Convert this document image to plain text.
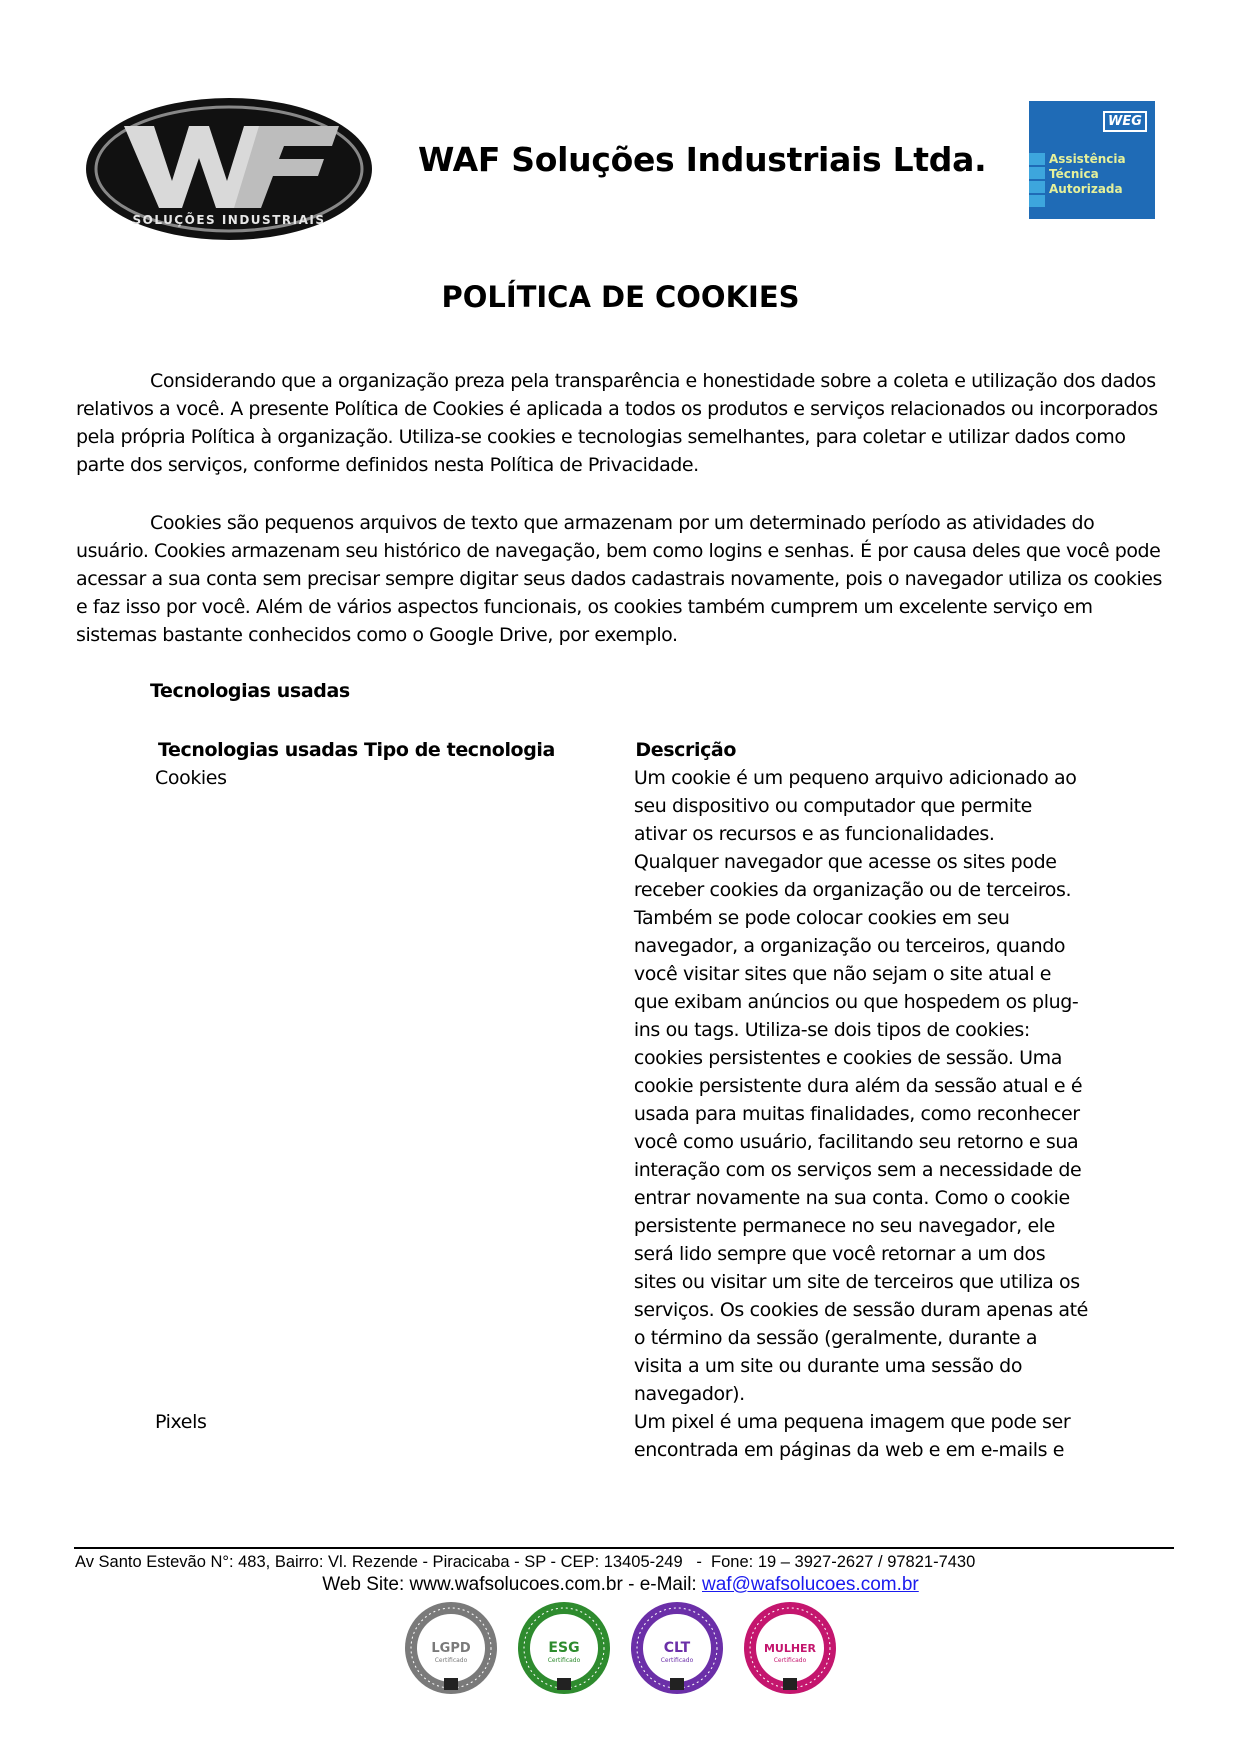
SOLUÇÕES INDUSTRIAIS
WAF Soluções Industriais Ltda.
WEG
Assistência
Técnica
Autorizada
POLÍTICA DE COOKIES
Considerando que a organização preza pela transparência e honestidade sobre a coleta e utilização dos dados relativos a você. A presente Política de Cookies é aplicada a todos os produtos e serviços relacionados ou incorporados pela própria Política à organização. Utiliza-se cookies e tecnologias semelhantes, para coletar e utilizar dados como parte dos serviços, conforme definidos nesta Política de Privacidade.
Cookies são pequenos arquivos de texto que armazenam por um determinado período as atividades do usuário. Cookies armazenam seu histórico de navegação, bem como logins e senhas. É por causa deles que você pode acessar a sua conta sem precisar sempre digitar seus dados cadastrais novamente, pois o navegador utiliza os cookies e faz isso por você. Além de vários aspectos funcionais, os cookies também cumprem um excelente serviço em sistemas bastante conhecidos como o Google Drive, por exemplo.
Tecnologias usadas
Tecnologias usadas Tipo de tecnologia	Descrição
Cookies	Um cookie é um pequeno arquivo adicionado ao
seu dispositivo ou computador que permite
ativar os recursos e as funcionalidades.
Qualquer navegador que acesse os sites pode
receber cookies da organização ou de terceiros.
Também se pode colocar cookies em seu
navegador, a organização ou terceiros, quando
você visitar sites que não sejam o site atual e
que exibam anúncios ou que hospedem os plug-
ins ou tags. Utiliza-se dois tipos de cookies:
cookies persistentes e cookies de sessão. Uma
cookie persistente dura além da sessão atual e é
usada para muitas finalidades, como reconhecer
você como usuário, facilitando seu retorno e sua
interação com os serviços sem a necessidade de
entrar novamente na sua conta. Como o cookie
persistente permanece no seu navegador, ele
será lido sempre que você retornar a um dos
sites ou visitar um site de terceiros que utiliza os
serviços. Os cookies de sessão duram apenas até
o término da sessão (geralmente, durante a
visita a um site ou durante uma sessão do
navegador).
Pixels	Um pixel é uma pequena imagem que pode ser
encontrada em páginas da web e em e-mails e
Av Santo Estevão N°: 483, Bairro: Vl. Rezende - Piracicaba - SP - CEP: 13405-249   -  Fone: 19 – 3927-2627 / 97821-7430
Web Site: www.wafsolucoes.com.br - e-Mail: waf@wafsolucoes.com.br
LGPD
Certificado
ESG
Certificado
CLT
Certificado
MULHER
Certificado
